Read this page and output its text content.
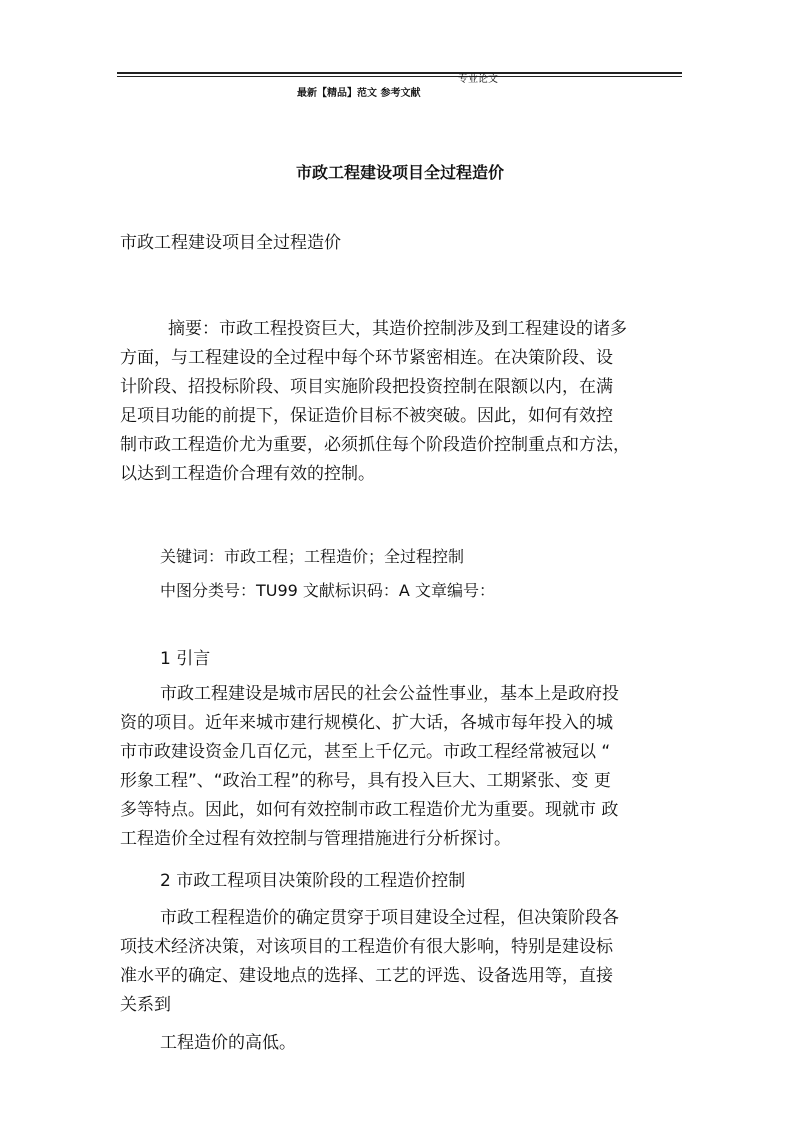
专业论文
最新【精品】范文 参考文献
市政工程建设项目全过程造价
市政工程建设项目全过程造价
摘要：市政工程投资巨大，其造价控制涉及到工程建设的诸多
方面，与工程建设的全过程中每个环节紧密相连。在决策阶段、设
计阶段、招投标阶段、项目实施阶段把投资控制在限额以内，在满
足项目功能的前提下，保证造价目标不被突破。因此，如何有效控
制市政工程造价尤为重要，必须抓住每个阶段造价控制重点和方法，
以达到工程造价合理有效的控制。
关键词：市政工程；工程造价；全过程控制
中图分类号：TU99 文献标识码：A 文章编号：
1 引言
市政工程建设是城市居民的社会公益性事业，基本上是政府投
资的项目。近年来城市建行规模化、扩大话，各城市每年投入的城
市市政建设资金几百亿元，甚至上千亿元。市政工程经常被冠以 “
形象工程”、“政治工程”的称号，具有投入巨大、工期紧张、变 更
多等特点。因此，如何有效控制市政工程造价尤为重要。现就市 政
工程造价全过程有效控制与管理措施进行分析探讨。
2 市政工程项目决策阶段的工程造价控制
市政工程程造价的确定贯穿于项目建设全过程，但决策阶段各
项技术经济决策，对该项目的工程造价有很大影响，特别是建设标
准水平的确定、建设地点的选择、工艺的评选、设备选用等，直接
关系到
工程造价的高低。
